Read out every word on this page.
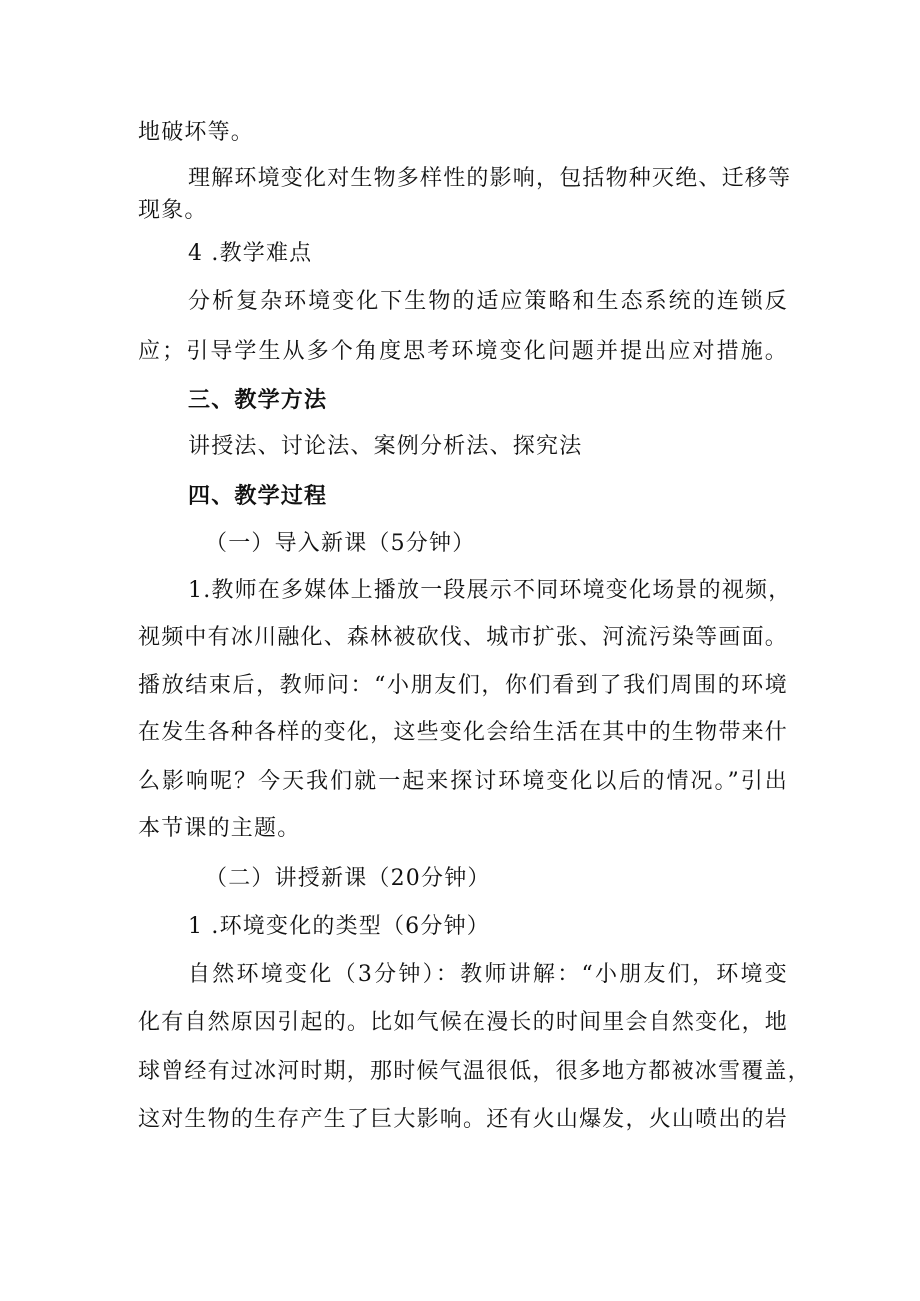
地破坏等。
理解环境变化对生物多样性的影响，包括物种灭绝、迁移等
现象。
4 .教学难点
分析复杂环境变化下生物的适应策略和生态系统的连锁反
应；引导学生从多个角度思考环境变化问题并提出应对措施。
三、教学方法
讲授法、讨论法、案例分析法、探究法
四、教学过程
（一）导入新课（5分钟）
1.教师在多媒体上播放一段展示不同环境变化场景的视频，
视频中有冰川融化、森林被砍伐、城市扩张、河流污染等画面。
播放结束后，教师问：“小朋友们，你们看到了我们周围的环境
在发生各种各样的变化，这些变化会给生活在其中的生物带来什
么影响呢？今天我们就一起来探讨环境变化以后的情况。”引出
本节课的主题。
（二）讲授新课（20分钟）
1 .环境变化的类型（6分钟）
自然环境变化（3分钟）：教师讲解：“小朋友们，环境变
化有自然原因引起的。比如气候在漫长的时间里会自然变化，地
球曾经有过冰河时期，那时候气温很低，很多地方都被冰雪覆盖，
这对生物的生存产生了巨大影响。还有火山爆发，火山喷出的岩
